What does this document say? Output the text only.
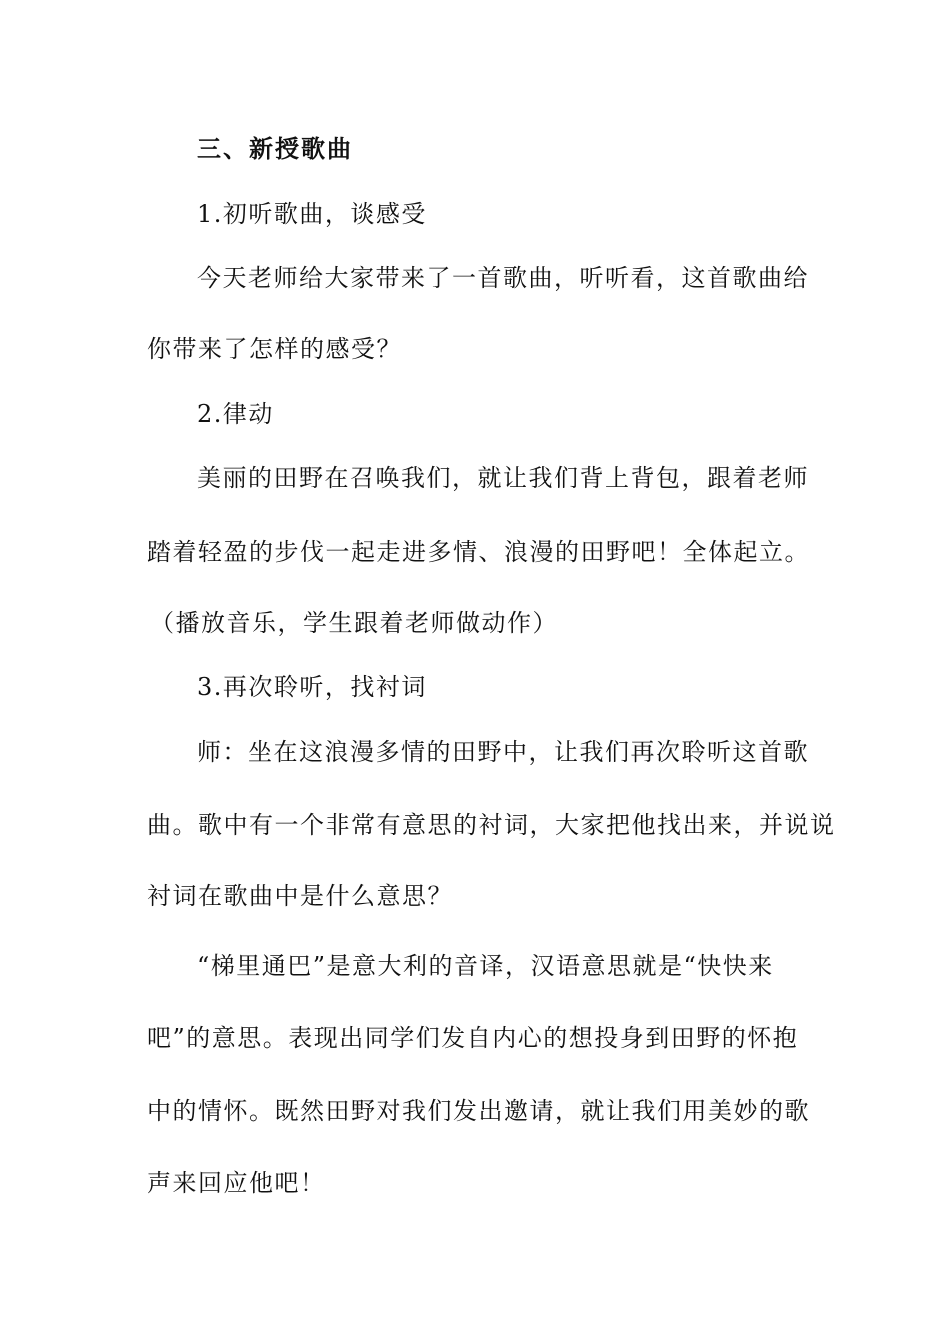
三、新授歌曲
1.初听歌曲，谈感受
今天老师给大家带来了一首歌曲，听听看，这首歌曲给
你带来了怎样的感受？
2.律动
美丽的田野在召唤我们，就让我们背上背包，跟着老师
踏着轻盈的步伐一起走进多情、浪漫的田野吧！全体起立。
（播放音乐，学生跟着老师做动作）
3.再次聆听，找衬词
师：坐在这浪漫多情的田野中，让我们再次聆听这首歌
曲。歌中有一个非常有意思的衬词，大家把他找出来，并说说
衬词在歌曲中是什么意思？
“梯里通巴”是意大利的音译，汉语意思就是“快快来
吧”的意思。表现出同学们发自内心的想投身到田野的怀抱
中的情怀。既然田野对我们发出邀请，就让我们用美妙的歌
声来回应他吧！
